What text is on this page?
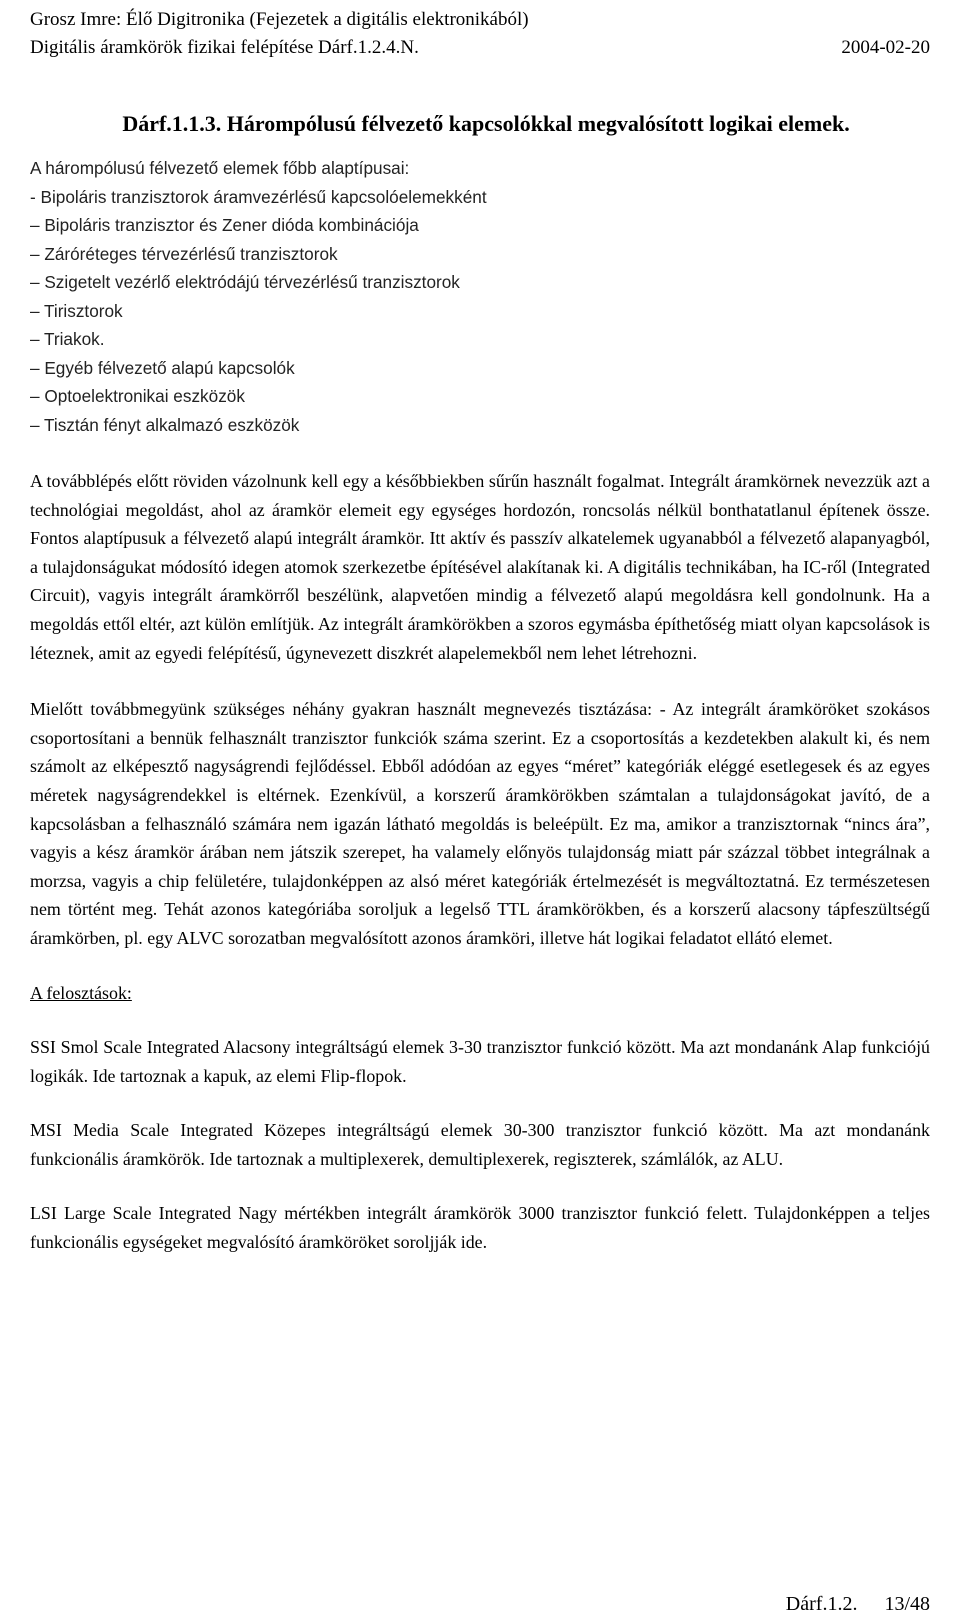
Grosz Imre: Élő Digitronika (Fejezetek a digitális elektronikából)
Digitális áramkörök fizikai felépítése Dárf.1.2.4.N.	2004-02-20
Dárf.1.1.3. Hárompólusú félvezető kapcsolókkal megvalósított logikai elemek.
A hárompólusú félvezető elemek főbb alaptípusai:
- Bipoláris tranzisztorok áramvezérlésű kapcsolóelemekként
– Bipoláris tranzisztor és Zener dióda kombinációja
– Záróréteges térvezérlésű tranzisztorok
– Szigetelt vezérlő elektródájú térvezérlésű tranzisztorok
– Tirisztorok
– Triakok.
– Egyéb félvezető alapú kapcsolók
– Optoelektronikai eszközök
– Tisztán fényt alkalmazó eszközök

A továbblépés előtt röviden vázolnunk kell egy a későbbiekben sűrűn használt fogalmat. Integrált áramkörnek nevezzük azt a technológiai megoldást, ahol az áramkör elemeit egy egységes hordozón, roncsolás nélkül bonthatatlanul építenek össze. Fontos alaptípusuk a félvezető alapú integrált áramkör. Itt aktív és passzív alkatelemek ugyanabból a félvezető alapanyagból, a tulajdonságukat módosító idegen atomok szerkezetbe építésével alakítanak ki. A digitális technikában, ha IC-ről (Integrated Circuit), vagyis integrált áramkörről beszélünk, alapvetően mindig a félvezető alapú megoldásra kell gondolnunk. Ha a megoldás ettől eltér, azt külön említjük. Az integrált áramkörökben a szoros egymásba építhetőség miatt olyan kapcsolások is léteznek, amit az egyedi felépítésű, úgynevezett diszkrét alapelemekből nem lehet létrehozni.

Mielőtt továbbmegyünk szükséges néhány gyakran használt megnevezés tisztázása: - Az integrált áramköröket szokásos csoportosítani a bennük felhasznált tranzisztor funkciók száma szerint. Ez a csoportosítás a kezdetekben alakult ki, és nem számolt az elképesztő nagyságrendi fejlődéssel. Ebből adódóan az egyes “méret” kategóriák eléggé esetlegesek és az egyes méretek nagyságrendekkel is eltérnek. Ezenkívül, a korszerű áramkörökben számtalan a tulajdonságokat javító, de a kapcsolásban a felhasználó számára nem igazán látható megoldás is beleépült. Ez ma, amikor a tranzisztornak “nincs ára”, vagyis a kész áramkör árában nem játszik szerepet, ha valamely előnyös tulajdonság miatt pár százzal többet integrálnak a morzsa, vagyis a chip felületére, tulajdonképpen az alsó méret kategóriák értelmezését is megváltoztatná. Ez természetesen nem történt meg. Tehát azonos kategóriába soroljuk a legelső TTL áramkörökben, és a korszerű alacsony tápfeszültségű áramkörben, pl. egy ALVC sorozatban megvalósított azonos áramköri, illetve hát logikai feladatot ellátó elemet.

A felosztások:

SSI Smol Scale Integrated Alacsony integráltságú elemek 3-30 tranzisztor funkció között. Ma azt mondanánk Alap funkciójú logikák. Ide tartoznak a kapuk, az elemi Flip-flopok.

MSI Media Scale Integrated Közepes integráltságú elemek 30-300 tranzisztor funkció között. Ma azt mondanánk funkcionális áramkörök. Ide tartoznak a multiplexerek, demultiplexerek, regiszterek, számlálók, az ALU.

LSI Large Scale Integrated Nagy mértékben integrált áramkörök 3000 tranzisztor funkció felett. Tulajdonképpen a teljes funkcionális egységeket megvalósító áramköröket soroljják ide.

Dárf.1.2. 13/48
